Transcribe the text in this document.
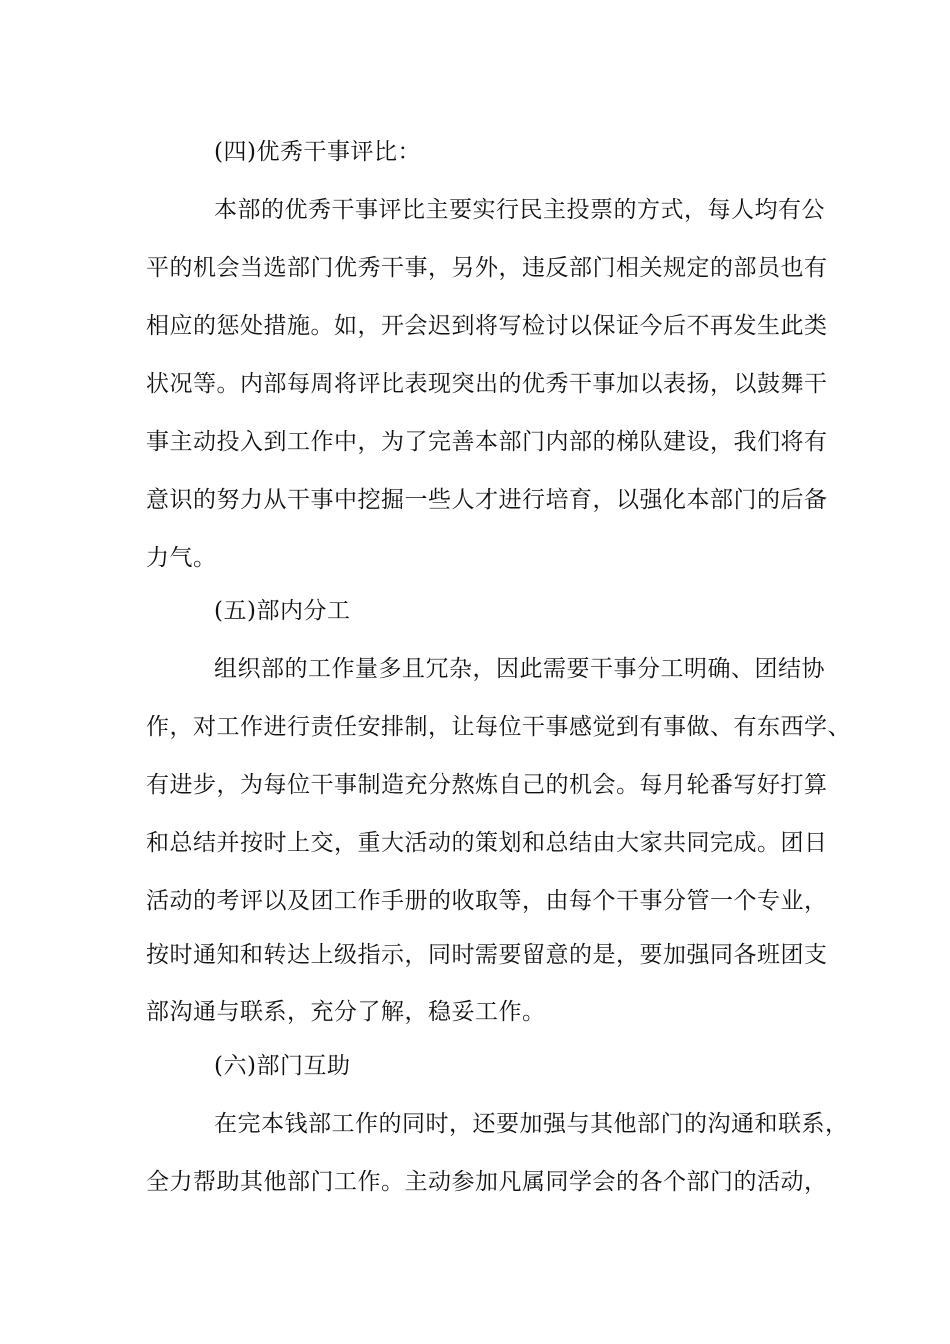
(四)优秀干事评比：
本部的优秀干事评比主要实行民主投票的方式，每人均有公
平的机会当选部门优秀干事，另外，违反部门相关规定的部员也有
相应的惩处措施。如，开会迟到将写检讨以保证今后不再发生此类
状况等。内部每周将评比表现突出的优秀干事加以表扬，以鼓舞干
事主动投入到工作中，为了完善本部门内部的梯队建设，我们将有
意识的努力从干事中挖掘一些人才进行培育，以强化本部门的后备
力气。
(五)部内分工
组织部的工作量多且冗杂，因此需要干事分工明确、团结协
作，对工作进行责任安排制，让每位干事感觉到有事做、有东西学、
有进步，为每位干事制造充分熬炼自己的机会。每月轮番写好打算
和总结并按时上交，重大活动的策划和总结由大家共同完成。团日
活动的考评以及团工作手册的收取等，由每个干事分管一个专业，
按时通知和转达上级指示，同时需要留意的是，要加强同各班团支
部沟通与联系，充分了解，稳妥工作。
(六)部门互助
在完本钱部工作的同时，还要加强与其他部门的沟通和联系，
全力帮助其他部门工作。主动参加凡属同学会的各个部门的活动，
